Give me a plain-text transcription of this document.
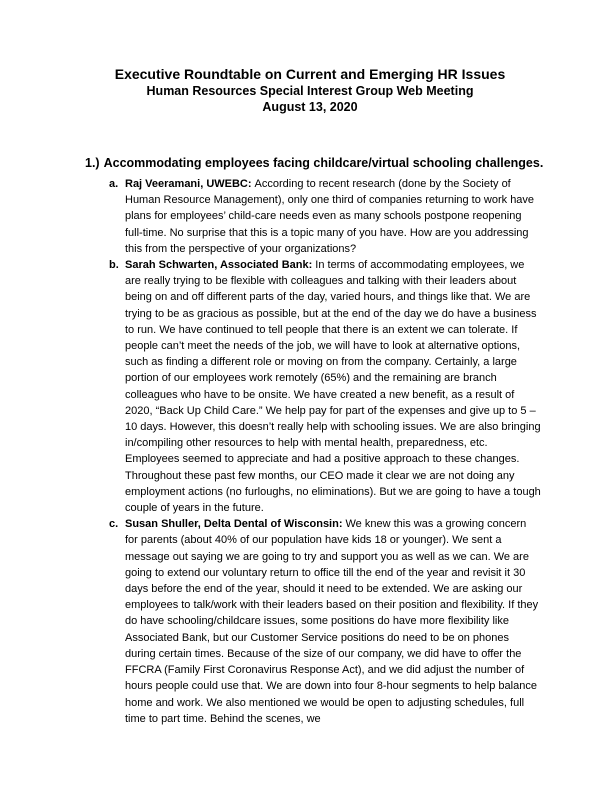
Executive Roundtable on Current and Emerging HR Issues
Human Resources Special Interest Group Web Meeting
August 13, 2020
1.) Accommodating employees facing childcare/virtual schooling challenges.
a. Raj Veeramani, UWEBC: According to recent research (done by the Society of Human Resource Management), only one third of companies returning to work have plans for employees’ child-care needs even as many schools postpone reopening full-time. No surprise that this is a topic many of you have. How are you addressing this from the perspective of your organizations?
b. Sarah Schwarten, Associated Bank: In terms of accommodating employees, we are really trying to be flexible with colleagues and talking with their leaders about being on and off different parts of the day, varied hours, and things like that. We are trying to be as gracious as possible, but at the end of the day we do have a business to run. We have continued to tell people that there is an extent we can tolerate. If people can’t meet the needs of the job, we will have to look at alternative options, such as finding a different role or moving on from the company. Certainly, a large portion of our employees work remotely (65%) and the remaining are branch colleagues who have to be onsite. We have created a new benefit, as a result of 2020, “Back Up Child Care.” We help pay for part of the expenses and give up to 5 – 10 days. However, this doesn’t really help with schooling issues. We are also bringing in/compiling other resources to help with mental health, preparedness, etc. Employees seemed to appreciate and had a positive approach to these changes. Throughout these past few months, our CEO made it clear we are not doing any employment actions (no furloughs, no eliminations). But we are going to have a tough couple of years in the future.
c. Susan Shuller, Delta Dental of Wisconsin: We knew this was a growing concern for parents (about 40% of our population have kids 18 or younger). We sent a message out saying we are going to try and support you as well as we can. We are going to extend our voluntary return to office till the end of the year and revisit it 30 days before the end of the year, should it need to be extended. We are asking our employees to talk/work with their leaders based on their position and flexibility. If they do have schooling/childcare issues, some positions do have more flexibility like Associated Bank, but our Customer Service positions do need to be on phones during certain times. Because of the size of our company, we did have to offer the FFCRA (Family First Coronavirus Response Act), and we did adjust the number of hours people could use that. We are down into four 8-hour segments to help balance home and work. We also mentioned we would be open to adjusting schedules, full time to part time. Behind the scenes, we
